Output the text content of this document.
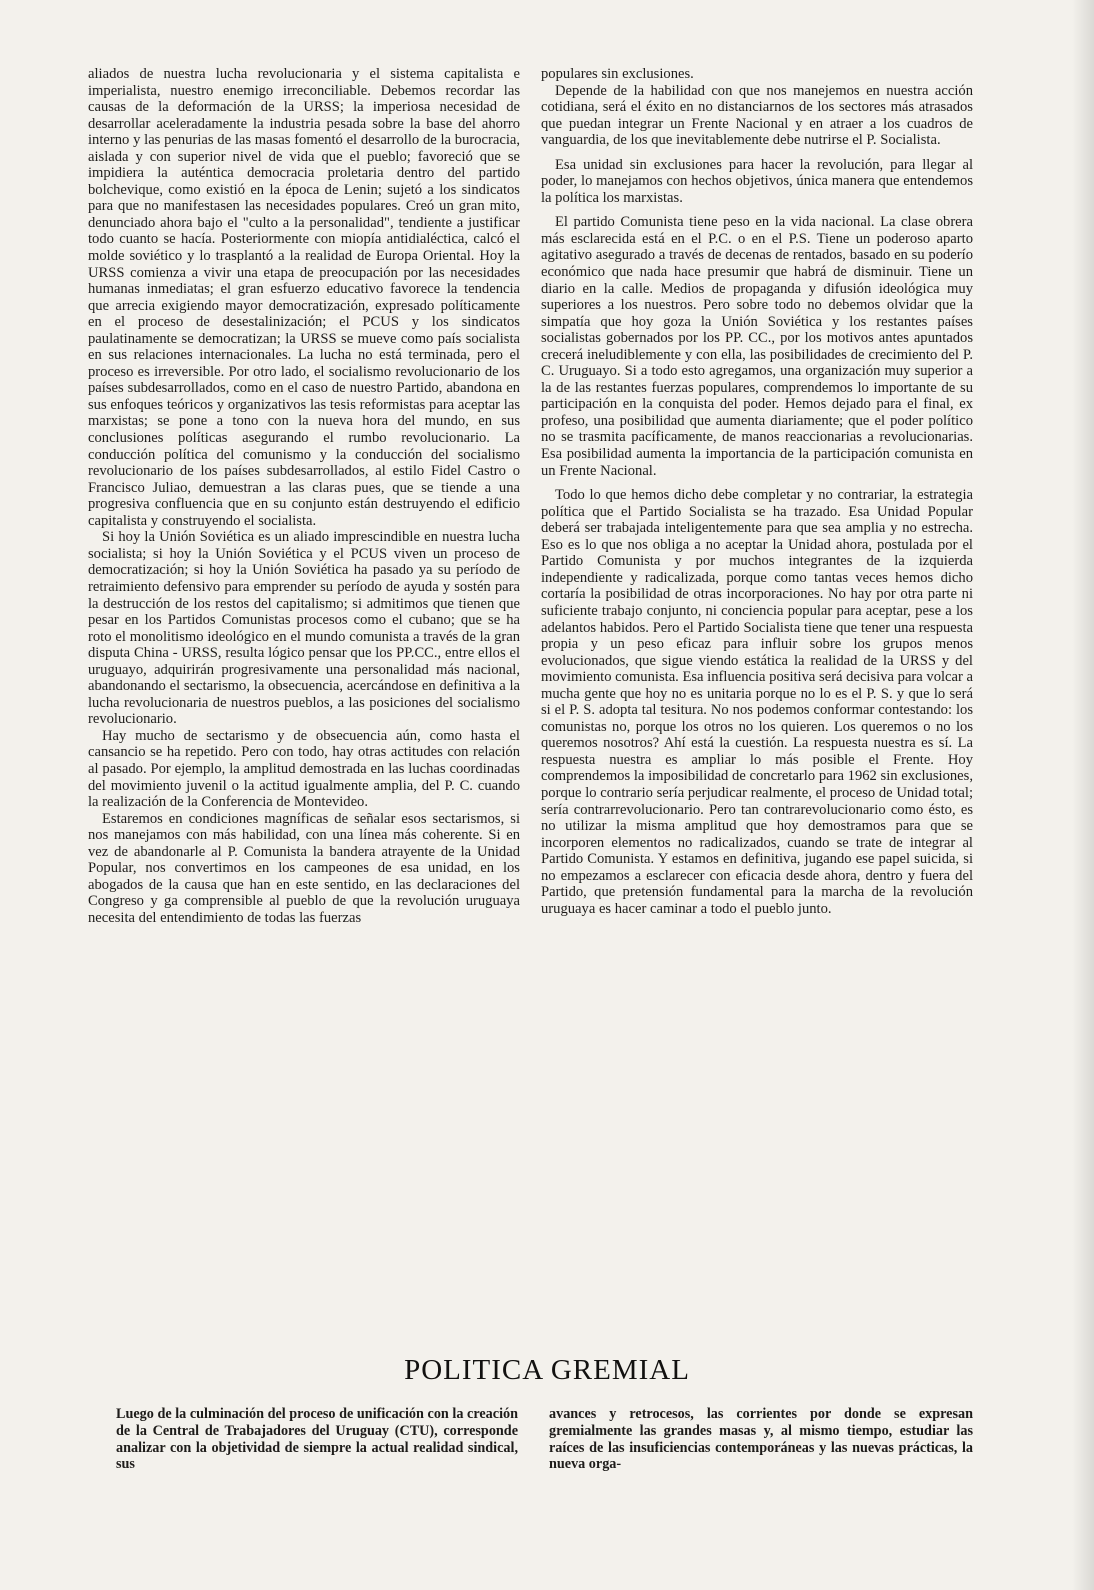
aliados de nuestra lucha revolucionaria y el sistema capitalista e imperialista, nuestro enemigo irreconciliable. Debemos recordar las causas de la deformación de la URSS; la imperiosa necesidad de desarrollar aceleradamente la industria pesada sobre la base del ahorro interno y las penurias de las masas fomentó el desarrollo de la burocracia, aislada y con superior nivel de vida que el pueblo; favoreció que se impidiera la auténtica democracia proletaria dentro del partido bolchevique, como existió en la época de Lenin; sujetó a los sindicatos para que no manifestasen las necesidades populares. Creó un gran mito, denunciado ahora bajo el "culto a la personalidad", tendiente a justificar todo cuanto se hacía. Posteriormente con miopía antidialéctica, calcó el molde soviético y lo trasplantó a la realidad de Europa Oriental. Hoy la URSS comienza a vivir una etapa de preocupación por las necesidades humanas inmediatas; el gran esfuerzo educativo favorece la tendencia que arrecia exigiendo mayor democratización, expresado políticamente en el proceso de desestalinización; el PCUS y los sindicatos paulatinamente se democratizan; la URSS se mueve como país socialista en sus relaciones internacionales. La lucha no está terminada, pero el proceso es irreversible. Por otro lado, el socialismo revolucionario de los países subdesarrollados, como en el caso de nuestro Partido, abandona en sus enfoques teóricos y organizativos las tesis reformistas para aceptar las marxistas; se pone a tono con la nueva hora del mundo, en sus conclusiones políticas asegurando el rumbo revolucionario. La conducción política del comunismo y la conducción del socialismo revolucionario de los países subdesarrollados, al estilo Fidel Castro o Francisco Juliao, demuestran a las claras pues, que se tiende a una progresiva confluencia que en su conjunto están destruyendo el edificio capitalista y construyendo el socialista.

Si hoy la Unión Soviética es un aliado imprescindible en nuestra lucha socialista; si hoy la Unión Soviética y el PCUS viven un proceso de democratización; si hoy la Unión Soviética ha pasado ya su período de retraimiento defensivo para emprender su período de ayuda y sostén para la destrucción de los restos del capitalismo; si admitimos que tienen que pesar en los Partidos Comunistas procesos como el cubano; que se ha roto el monolitismo ideológico en el mundo comunista a través de la gran disputa China - URSS, resulta lógico pensar que los PP.CC., entre ellos el uruguayo, adquirirán progresivamente una personalidad más nacional, abandonando el sectarismo, la obsecuencia, acercándose en definitiva a la lucha revolucionaria de nuestros pueblos, a las posiciones del socialismo revolucionario.

Hay mucho de sectarismo y de obsecuencia aún, como hasta el cansancio se ha repetido. Pero con todo, hay otras actitudes con relación al pasado. Por ejemplo, la amplitud demostrada en las luchas coordinadas del movimiento juvenil o la actitud igualmente amplia, del P. C. cuando la realización de la Conferencia de Montevideo.

Estaremos en condiciones magníficas de señalar esos sectarismos, si nos manejamos con más habilidad, con una línea más coherente. Si en vez de abandonarle al P. Comunista la bandera atrayente de la Unidad Popular, nos convertimos en los campeones de esa unidad, en los abogados de la causa que han en este sentido, en las declaraciones del Congreso y ga comprensible al pueblo de que la revolución uruguaya necesita del entendimiento de todas las fuerzas

populares sin exclusiones.

Depende de la habilidad con que nos manejemos en nuestra acción cotidiana, será el éxito en no distanciarnos de los sectores más atrasados que puedan integrar un Frente Nacional y en atraer a los cuadros de vanguardia, de los que inevitablemente debe nutrirse el P. Socialista.

Esa unidad sin exclusiones para hacer la revolución, para llegar al poder, lo manejamos con hechos objetivos, única manera que entendemos la política los marxistas.

El partido Comunista tiene peso en la vida nacional. La clase obrera más esclarecida está en el P.C. o en el P.S. Tiene un poderoso aparto agitativo asegurado a través de decenas de rentados, basado en su poderío económico que nada hace presumir que habrá de disminuir. Tiene un diario en la calle. Medios de propaganda y difusión ideológica muy superiores a los nuestros. Pero sobre todo no debemos olvidar que la simpatía que hoy goza la Unión Soviética y los restantes países socialistas gobernados por los PP. CC., por los motivos antes apuntados crecerá ineludiblemente y con ella, las posibilidades de crecimiento del P. C. Uruguayo. Si a todo esto agregamos, una organización muy superior a la de las restantes fuerzas populares, comprendemos lo importante de su participación en la conquista del poder. Hemos dejado para el final, ex profeso, una posibilidad que aumenta diariamente; que el poder político no se trasmita pacíficamente, de manos reaccionarias a revolucionarias. Esa posibilidad aumenta la importancia de la participación comunista en un Frente Nacional.

Todo lo que hemos dicho debe completar y no contrariar, la estrategia política que el Partido Socialista se ha trazado. Esa Unidad Popular deberá ser trabajada inteligentemente para que sea amplia y no estrecha. Eso es lo que nos obliga a no aceptar la Unidad ahora, postulada por el Partido Comunista y por muchos integrantes de la izquierda independiente y radicalizada, porque como tantas veces hemos dicho cortaría la posibilidad de otras incorporaciones. No hay por otra parte ni suficiente trabajo conjunto, ni conciencia popular para aceptar, pese a los adelantos habidos. Pero el Partido Socialista tiene que tener una respuesta propia y un peso eficaz para influir sobre los grupos menos evolucionados, que sigue viendo estática la realidad de la URSS y del movimiento comunista. Esa influencia positiva será decisiva para volcar a mucha gente que hoy no es unitaria porque no lo es el P. S. y que lo será si el P. S. adopta tal tesitura. No nos podemos conformar contestando: los comunistas no, porque los otros no los quieren. Los queremos o no los queremos nosotros? Ahí está la cuestión. La respuesta nuestra es sí. La respuesta nuestra es ampliar lo más posible el Frente. Hoy comprendemos la imposibilidad de concretarlo para 1962 sin exclusiones, porque lo contrario sería perjudicar realmente, el proceso de Unidad total; sería contrarrevolucionario. Pero tan contrarevolucionario como ésto, es no utilizar la misma amplitud que hoy demostramos para que se incorporen elementos no radicalizados, cuando se trate de integrar al Partido Comunista. Y estamos en definitiva, jugando ese papel suicida, si no empezamos a esclarecer con eficacia desde ahora, dentro y fuera del Partido, que pretensión fundamental para la marcha de la revolución uruguaya es hacer caminar a todo el pueblo junto.

POLITICA GREMIAL

Luego de la culminación del proceso de unificación con la creación de la Central de Trabajadores del Uruguay (CTU), corresponde analizar con la objetividad de siempre la actual realidad sindical, sus

avances y retrocesos, las corrientes por donde se expresan gremialmente las grandes masas y, al mismo tiempo, estudiar las raíces de las insuficiencias contemporáneas y las nuevas prácticas, la nueva orga-
